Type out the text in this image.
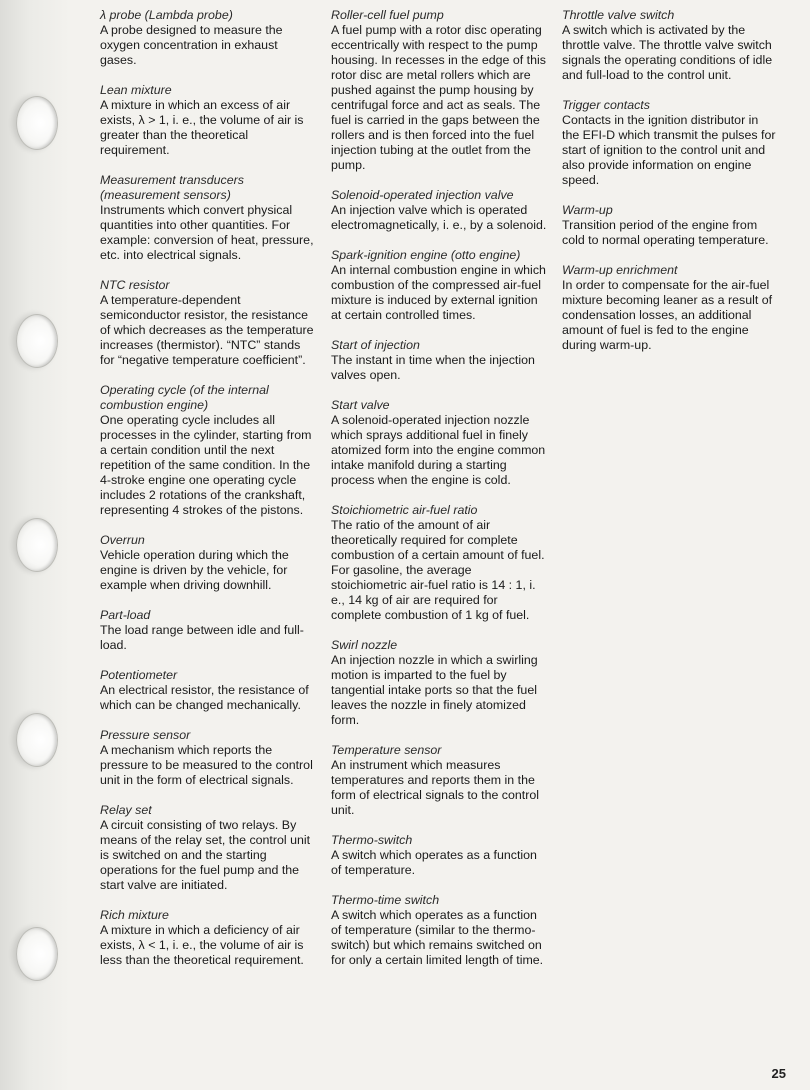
λ probe (Lambda probe)

A probe designed to measure the oxygen concentration in exhaust gases.

Lean mixture

A mixture in which an excess of air exists, λ > 1, i. e., the volume of air is greater than the theoretical requirement.

Measurement transducers (measurement sensors)

Instruments which convert physical quantities into other quantities. For example: conversion of heat, pressure, etc. into electrical signals.

NTC resistor

A temperature-dependent semiconductor resistor, the resistance of which decreases as the temperature increases (thermistor). “NTC” stands for “negative temperature coefficient”.

Operating cycle (of the internal combustion engine)

One operating cycle includes all processes in the cylinder, starting from a certain condition until the next repetition of the same condition. In the 4-stroke engine one operating cycle includes 2 rotations of the crankshaft, representing 4 strokes of the pistons.

Overrun

Vehicle operation during which the engine is driven by the vehicle, for example when driving downhill.

Part-load

The load range between idle and full-load.

Potentiometer

An electrical resistor, the resistance of which can be changed mechanically.

Pressure sensor

A mechanism which reports the pressure to be measured to the control unit in the form of electrical signals.

Relay set

A circuit consisting of two relays. By means of the relay set, the control unit is switched on and the starting operations for the fuel pump and the start valve are initiated.

Rich mixture

A mixture in which a deficiency of air exists, λ < 1, i. e., the volume of air is less than the theoretical requirement.

Roller-cell fuel pump

A fuel pump with a rotor disc operating eccentrically with respect to the pump housing. In recesses in the edge of this rotor disc are metal rollers which are pushed against the pump housing by centrifugal force and act as seals. The fuel is carried in the gaps between the rollers and is then forced into the fuel injection tubing at the outlet from the pump.

Solenoid-operated injection valve

An injection valve which is operated electromagnetically, i. e., by a solenoid.

Spark-ignition engine (otto engine)

An internal combustion engine in which combustion of the compressed air-fuel mixture is induced by external ignition at certain controlled times.

Start of injection

The instant in time when the injection valves open.

Start valve

A solenoid-operated injection nozzle which sprays additional fuel in finely atomized form into the engine common intake manifold during a starting process when the engine is cold.

Stoichiometric air-fuel ratio

The ratio of the amount of air theoretically required for complete combustion of a certain amount of fuel. For gasoline, the average stoichiometric air-fuel ratio is 14 : 1, i. e., 14 kg of air are required for complete combustion of 1 kg of fuel.

Swirl nozzle

An injection nozzle in which a swirling motion is imparted to the fuel by tangential intake ports so that the fuel leaves the nozzle in finely atomized form.

Temperature sensor

An instrument which measures temperatures and reports them in the form of electrical signals to the control unit.

Thermo-switch

A switch which operates as a function of temperature.

Thermo-time switch

A switch which operates as a function of temperature (similar to the thermo-switch) but which remains switched on for only a certain limited length of time.

Throttle valve switch

A switch which is activated by the throttle valve. The throttle valve switch signals the operating conditions of idle and full-load to the control unit.

Trigger contacts

Contacts in the ignition distributor in the EFI-D which transmit the pulses for start of ignition to the control unit and also provide information on engine speed.

Warm-up

Transition period of the engine from cold to normal operating temperature.

Warm-up enrichment

In order to compensate for the air-fuel mixture becoming leaner as a result of condensation losses, an additional amount of fuel is fed to the engine during warm-up.

25
